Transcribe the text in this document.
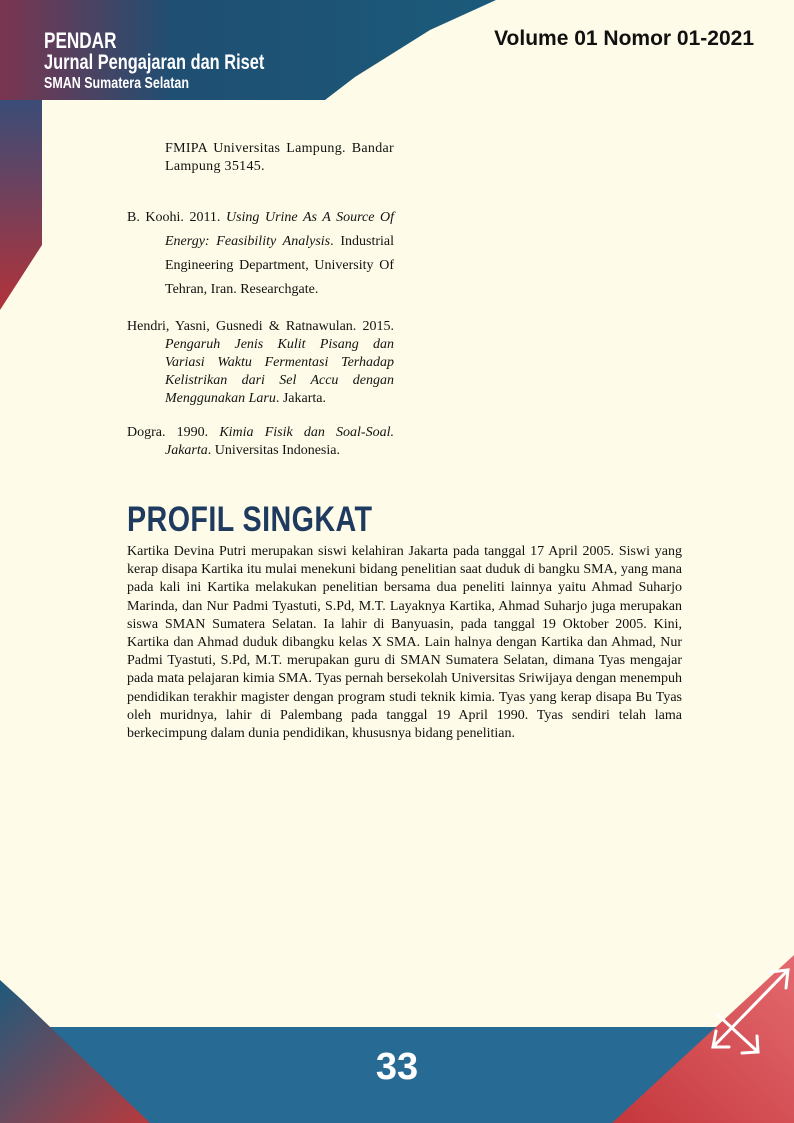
PENDAR
Jurnal Pengajaran dan Riset
SMAN Sumatera Selatan
Volume 01 Nomor 01-2021

FMIPA Universitas Lampung. Bandar Lampung 35145.

B. Koohi. 2011. Using Urine As A Source Of Energy: Feasibility Analysis. Industrial Engineering Department, University Of Tehran, Iran. Researchgate.

Hendri, Yasni, Gusnedi & Ratnawulan. 2015. Pengaruh Jenis Kulit Pisang dan Variasi Waktu Fermentasi Terhadap Kelistrikan dari Sel Accu dengan Menggunakan Laru. Jakarta.

Dogra. 1990. Kimia Fisik dan Soal-Soal. Jakarta. Universitas Indonesia.

PROFIL SINGKAT

Kartika Devina Putri merupakan siswi kelahiran Jakarta pada tanggal 17 April 2005. Siswi yang kerap disapa Kartika itu mulai menekuni bidang penelitian saat duduk di bangku SMA, yang mana pada kali ini Kartika melakukan penelitian bersama dua peneliti lainnya yaitu Ahmad Suharjo Marinda, dan Nur Padmi Tyastuti, S.Pd, M.T. Layaknya Kartika, Ahmad Suharjo juga merupakan siswa SMAN Sumatera Selatan. Ia lahir di Banyuasin, pada tanggal 19 Oktober 2005. Kini, Kartika dan Ahmad duduk dibangku kelas X SMA. Lain halnya dengan Kartika dan Ahmad, Nur Padmi Tyastuti, S.Pd, M.T. merupakan guru di SMAN Sumatera Selatan, dimana Tyas mengajar pada mata pelajaran kimia SMA. Tyas pernah bersekolah Universitas Sriwijaya dengan menempuh pendidikan terakhir magister dengan program studi teknik kimia. Tyas yang kerap disapa Bu Tyas oleh muridnya, lahir di Palembang pada tanggal 19 April 1990. Tyas sendiri telah lama berkecimpung dalam dunia pendidikan, khususnya bidang penelitian.

33
